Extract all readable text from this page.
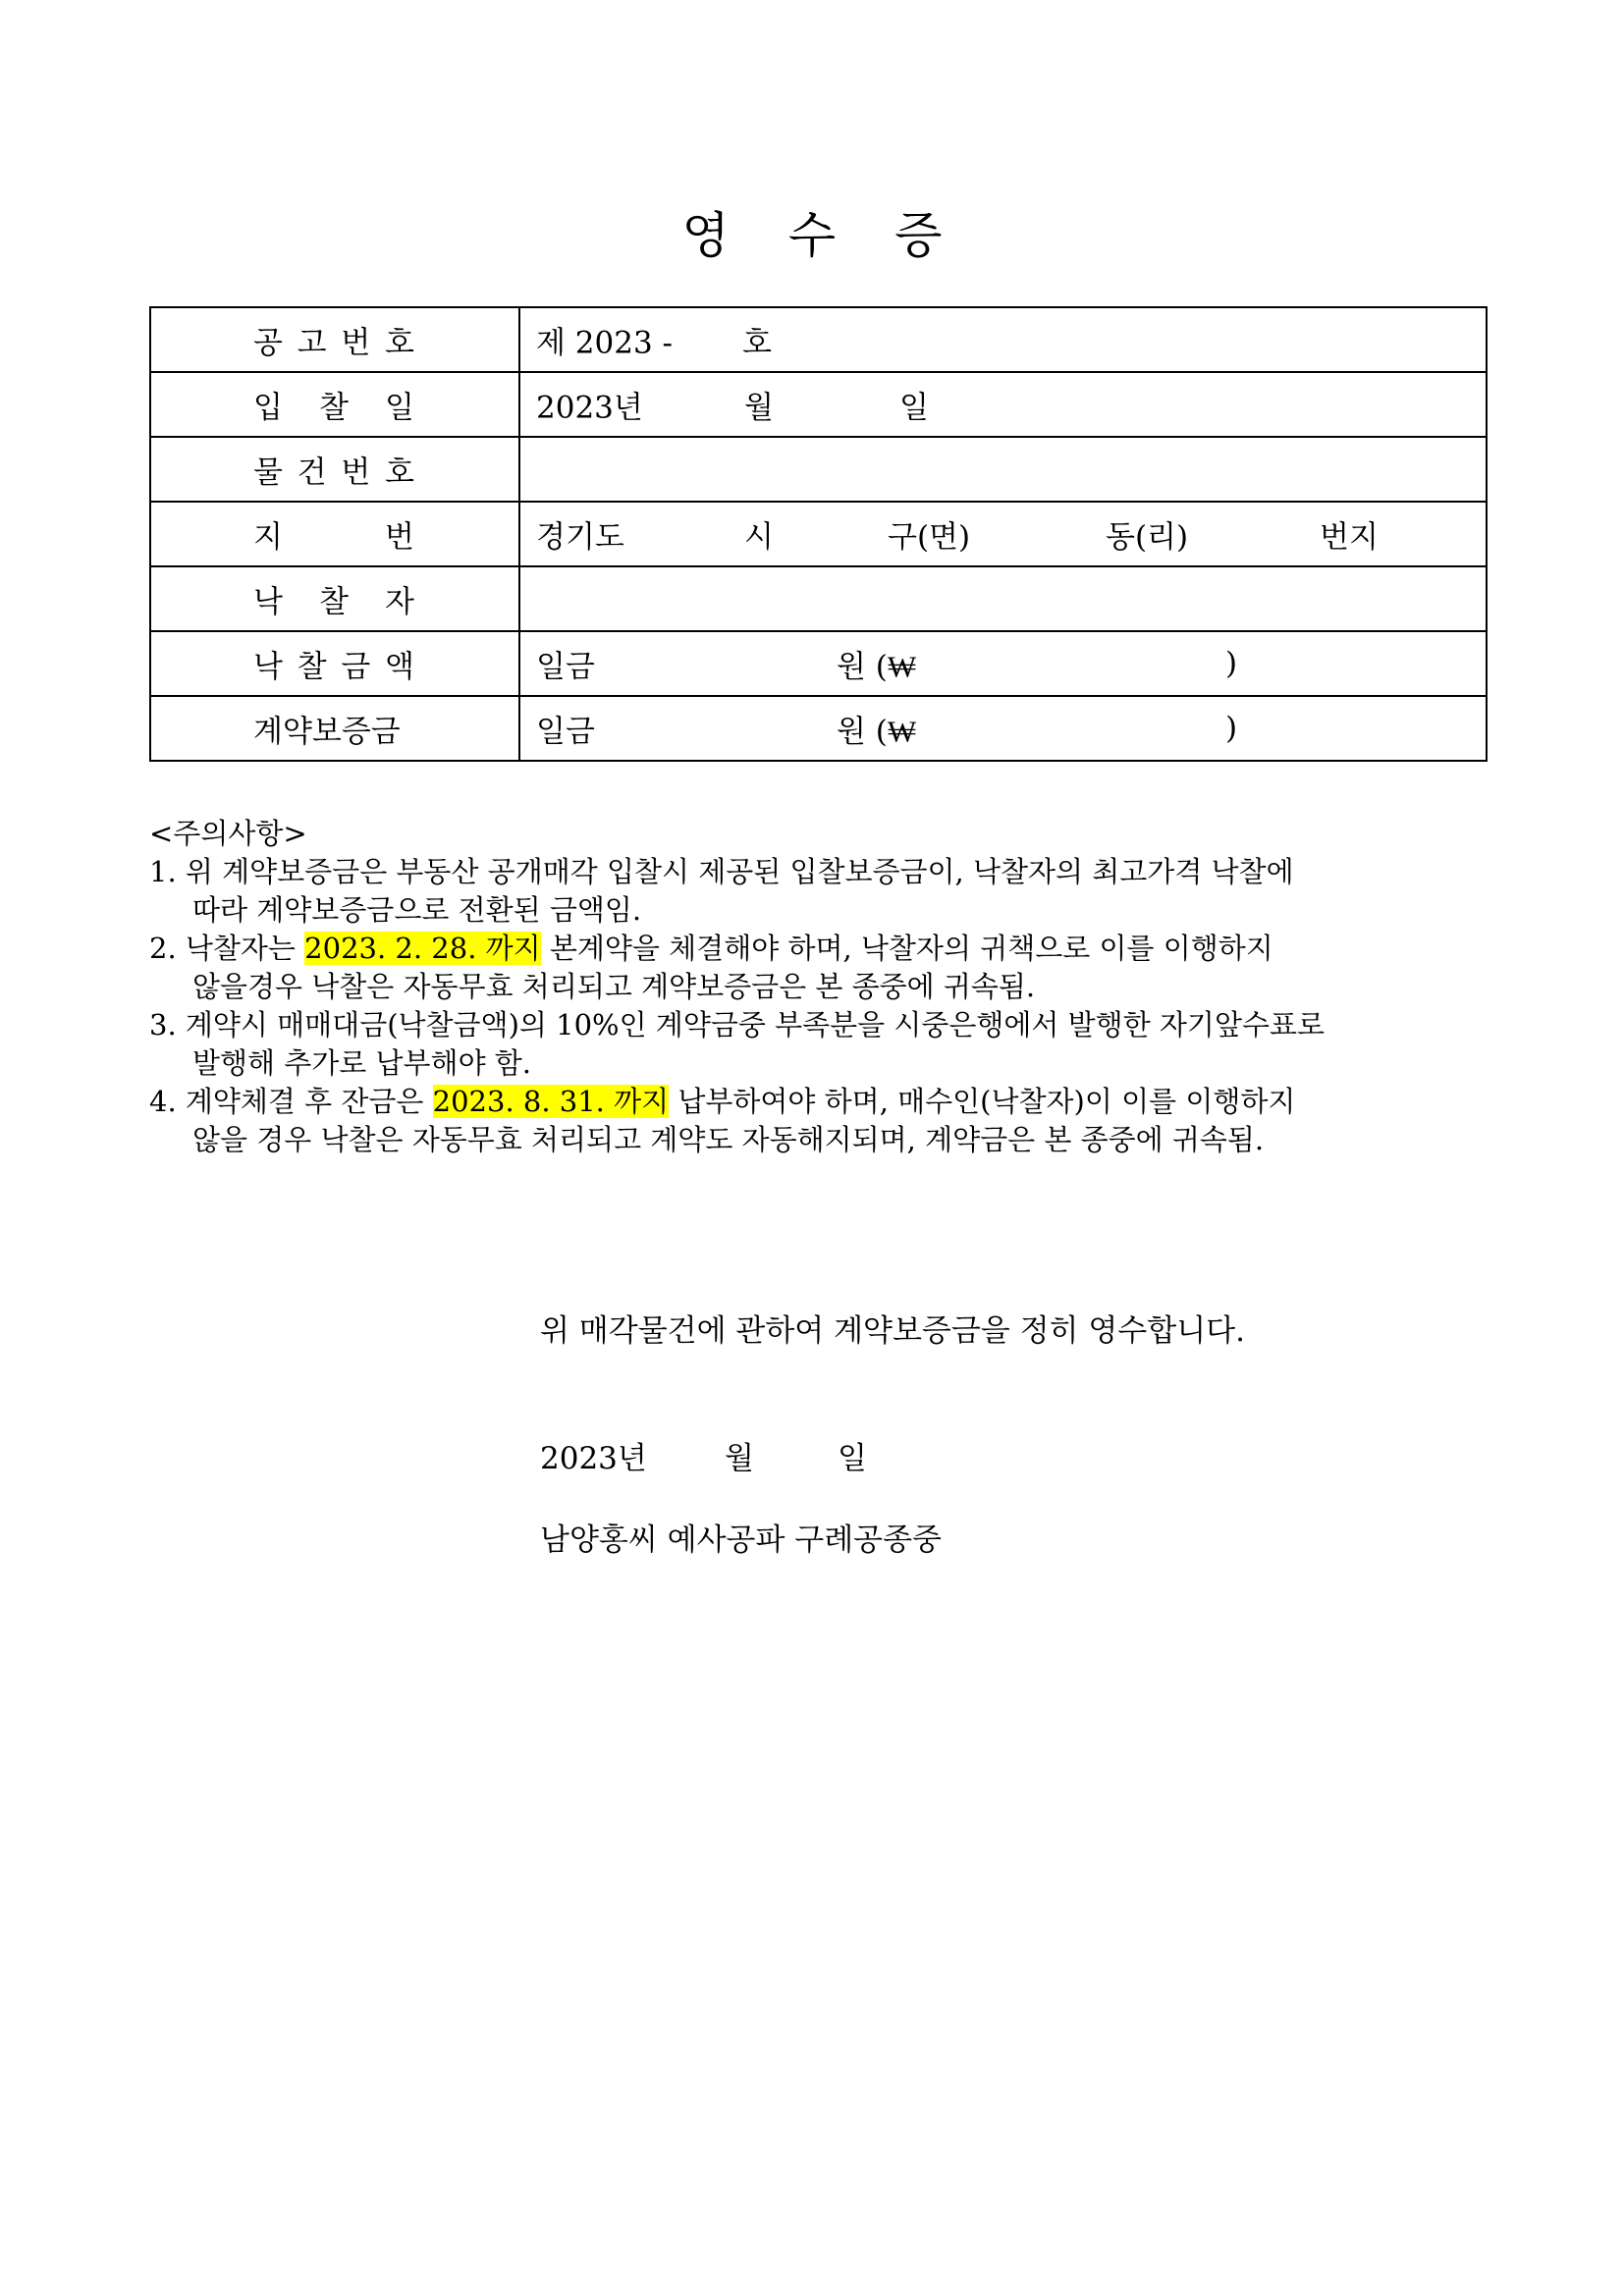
영 수 증
공 고 번 호	제 2023 - 호

입 찰 일	2023년 월 일

물 건 번 호	

지 번	경기도 시 구(면) 동(리) 번지

낙 찰 자	

낙 찰 금 액	일금 원 (₩ )

계약보증금	일금 원 (₩ )
<주의사항>
1. 위 계약보증금은 부동산 공개매각 입찰시 제공된 입찰보증금이, 낙찰자의 최고가격 낙찰에
따라 계약보증금으로 전환된 금액임.
2. 낙찰자는 2023. 2. 28. 까지 본계약을 체결해야 하며, 낙찰자의 귀책으로 이를 이행하지
않을경우 낙찰은 자동무효 처리되고 계약보증금은 본 종중에 귀속됨.
3. 계약시 매매대금(낙찰금액)의 10%인 계약금중 부족분을 시중은행에서 발행한 자기앞수표로
발행해 추가로 납부해야 함.
4. 계약체결 후 잔금은 2023. 8. 31. 까지 납부하여야 하며, 매수인(낙찰자)이 이를 이행하지
않을 경우 낙찰은 자동무효 처리되고 계약도 자동해지되며, 계약금은 본 종중에 귀속됨.
위 매각물건에 관하여 계약보증금을 정히 영수합니다.
2023년	월	일
남양홍씨 예사공파 구례공종중
